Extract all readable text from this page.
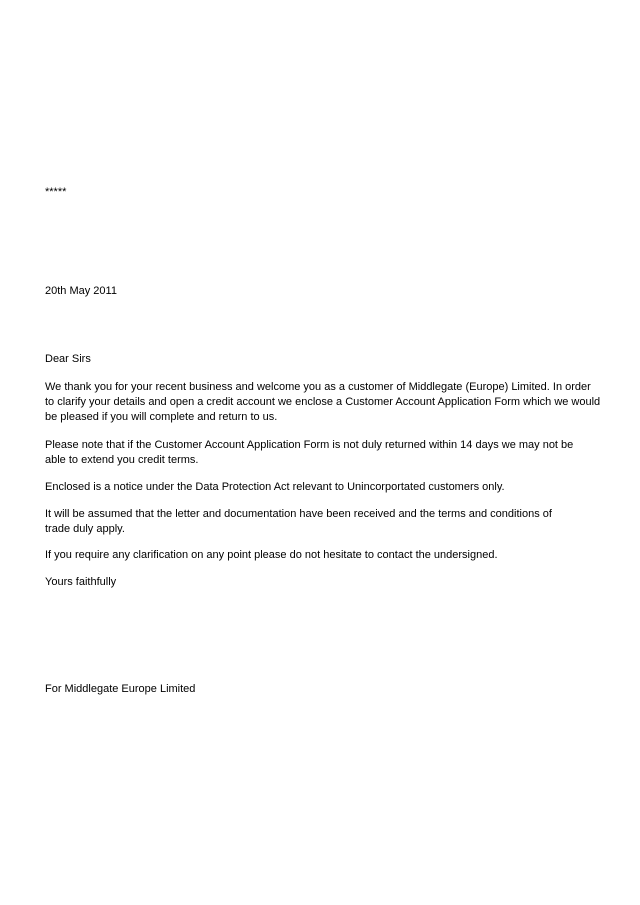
*****

20th May 2011

Dear Sirs

We thank you for your recent business and welcome you as a customer of Middlegate (Europe) Limited. In order
to clarify your details and open a credit account we enclose a Customer Account Application Form which we would
be pleased if you will complete and return to us.
Please note that if the Customer Account Application Form is not duly returned within 14 days we may not be
able to extend you credit terms.
Enclosed is a notice under the Data Protection Act relevant to Unincorportated customers only.
It will be assumed that the letter and documentation have been received and the terms and conditions of
trade duly apply.
If you require any clarification on any point please do not hesitate to contact the undersigned.

Yours faithfully

For Middlegate Europe Limited
